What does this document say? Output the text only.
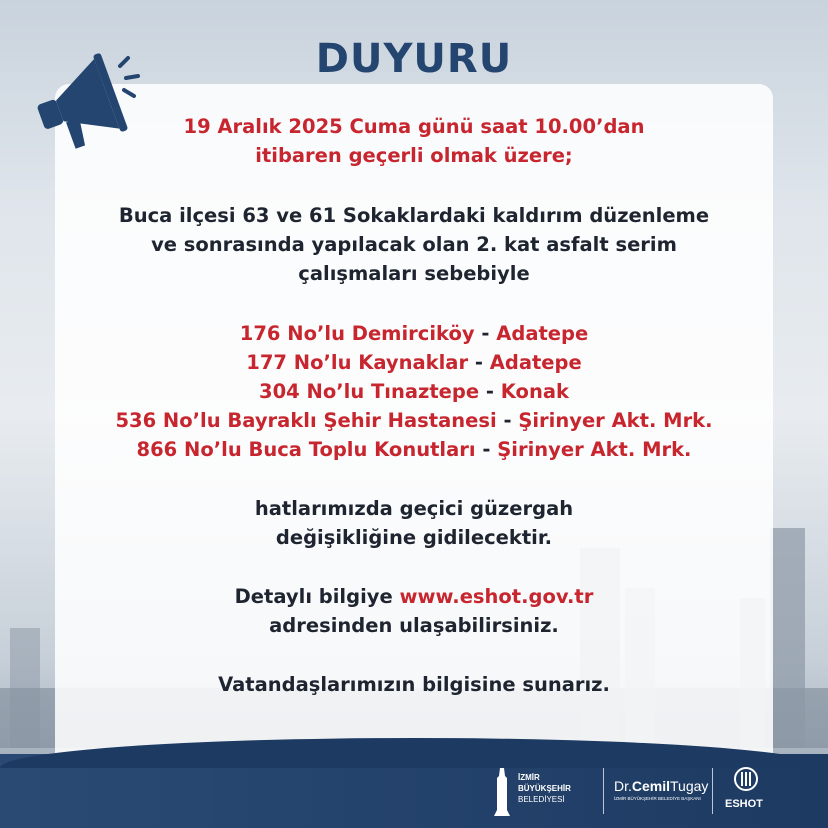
DUYURU

19 Aralık 2025 Cuma günü saat 10.00’dan

itibaren geçerli olmak üzere;

Buca ilçesi 63 ve 61 Sokaklardaki kaldırım düzenleme

ve sonrasında yapılacak olan 2. kat asfalt serim

çalışmaları sebebiyle

176 No’lu Demirciköy - Adatepe

177 No’lu Kaynaklar - Adatepe

304 No’lu Tınaztepe - Konak

536 No’lu Bayraklı Şehir Hastanesi - Şirinyer Akt. Mrk.

866 No’lu Buca Toplu Konutları - Şirinyer Akt. Mrk.

hatlarımızda geçici güzergah

değişikliğine gidilecektir.

Detaylı bilgiye www.eshot.gov.tr

adresinden ulaşabilirsiniz.

Vatandaşlarımızın bilgisine sunarız.

İZMİR
BÜYÜKŞEHİR
BELEDİYESİ
Dr.CemilTugay
İZMİR BÜYÜKŞEHİR BELEDİYE BAŞKANI	ESHOT
